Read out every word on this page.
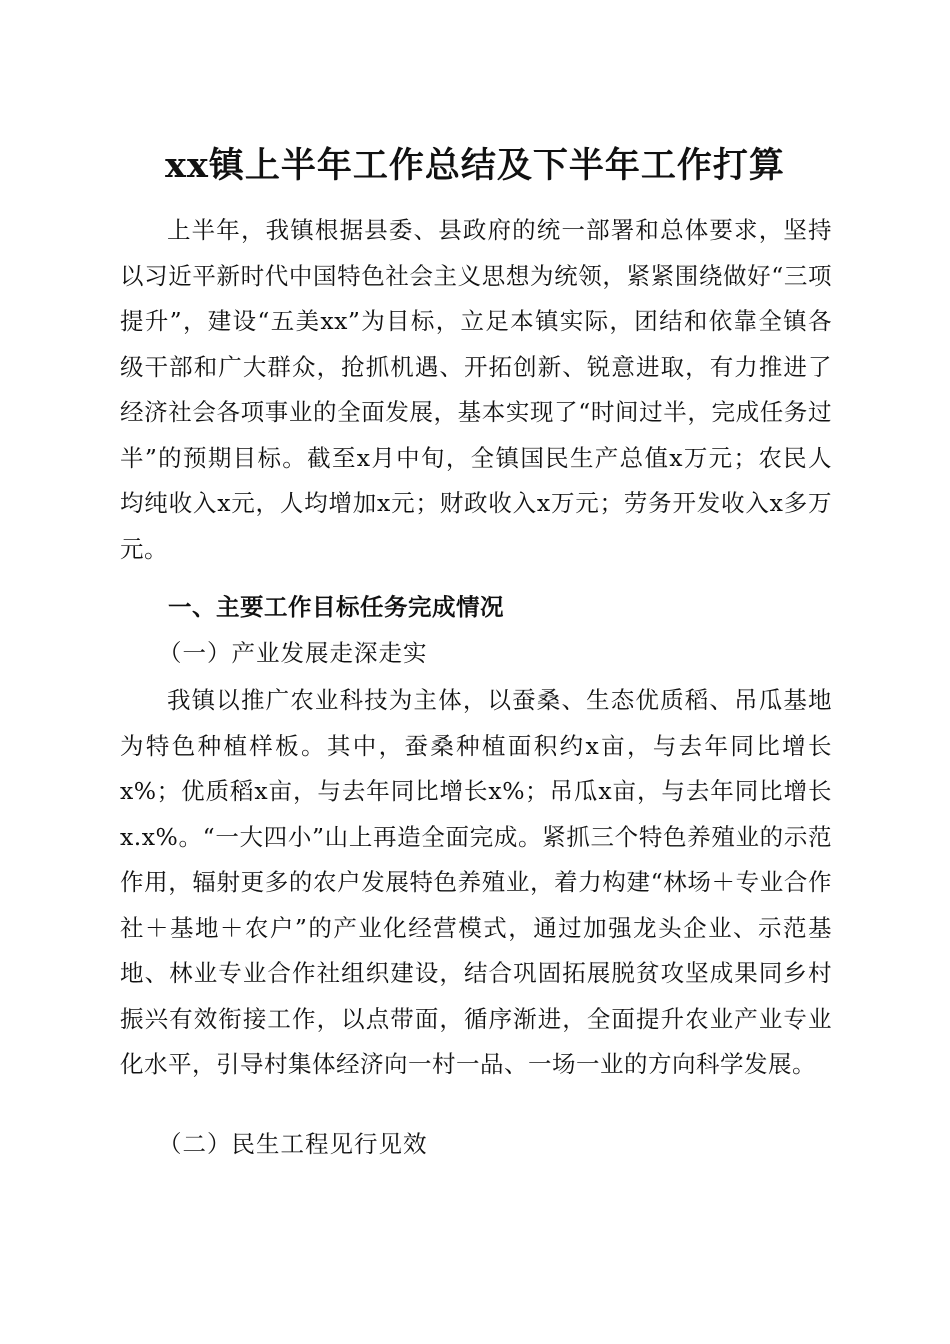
xx镇上半年工作总结及下半年工作打算
上半年，我镇根据县委、县政府的统一部署和总体要求，坚持以习近平新时代中国特色社会主义思想为统领，紧紧围绕做好“三项提升”，建设“五美xx”为目标，立足本镇实际，团结和依靠全镇各级干部和广大群众，抢抓机遇、开拓创新、锐意进取，有力推进了经济社会各项事业的全面发展，基本实现了“时间过半，完成任务过半”的预期目标。截至x月中旬，全镇国民生产总值x万元；农民人均纯收入x元，人均增加x元；财政收入x万元；劳务开发收入x多万元。
一、主要工作目标任务完成情况
（一）产业发展走深走实
我镇以推广农业科技为主体，以蚕桑、生态优质稻、吊瓜基地为特色种植样板。其中，蚕桑种植面积约x亩，与去年同比增长x%；优质稻x亩，与去年同比增长x%；吊瓜x亩，与去年同比增长x.x%。“一大四小”山上再造全面完成。紧抓三个特色养殖业的示范作用，辐射更多的农户发展特色养殖业，着力构建“林场＋专业合作社＋基地＋农户”的产业化经营模式，通过加强龙头企业、示范基地、林业专业合作社组织建设，结合巩固拓展脱贫攻坚成果同乡村振兴有效衔接工作，以点带面，循序渐进，全面提升农业产业专业化水平，引导村集体经济向一村一品、一场一业的方向科学发展。
（二）民生工程见行见效
